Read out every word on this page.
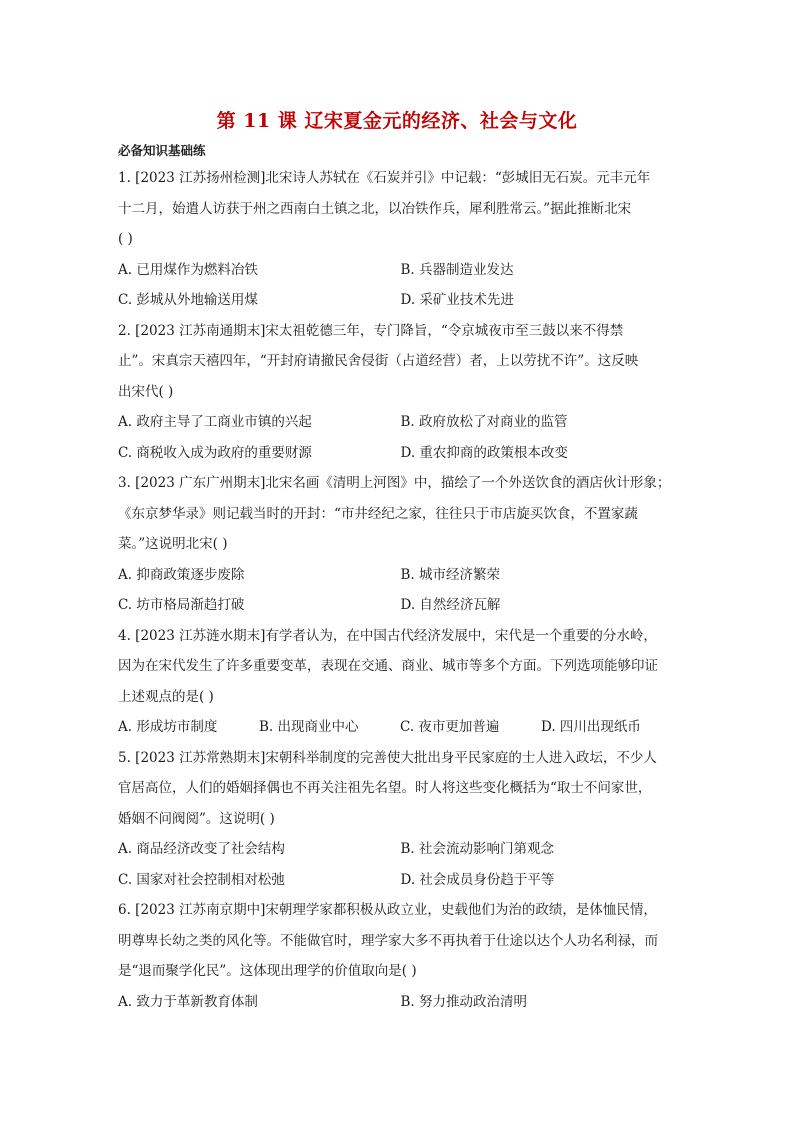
第 11 课 辽宋夏金元的经济、社会与文化
必备知识基础练
1. [2023 江苏扬州检测]北宋诗人苏轼在《石炭并引》中记载：“彭城旧无石炭。元丰元年
十二月，始遣人访获于州之西南白土镇之北，以冶铁作兵，犀利胜常云。”据此推断北宋
( )
A. 已用煤作为燃料冶铁	B. 兵器制造业发达
C. 彭城从外地输送用煤	D. 采矿业技术先进
2. [2023 江苏南通期末]宋太祖乾德三年，专门降旨，“令京城夜市至三鼓以来不得禁
止”。宋真宗天禧四年，“开封府请撤民舍侵街（占道经营）者，上以劳扰不许”。这反映
出宋代( )
A. 政府主导了工商业市镇的兴起	B. 政府放松了对商业的监管
C. 商税收入成为政府的重要财源	D. 重农抑商的政策根本改变
3. [2023 广东广州期末]北宋名画《清明上河图》中，描绘了一个外送饮食的酒店伙计形象；
《东京梦华录》则记载当时的开封：“市井经纪之家，往往只于市店旋买饮食，不置家蔬
菜。”这说明北宋( )
A. 抑商政策逐步废除	B. 城市经济繁荣
C. 坊市格局渐趋打破	D. 自然经济瓦解
4. [2023 江苏涟水期末]有学者认为，在中国古代经济发展中，宋代是一个重要的分水岭，
因为在宋代发生了许多重要变革，表现在交通、商业、城市等多个方面。下列选项能够印证
上述观点的是( )
A. 形成坊市制度	B. 出现商业中心	C. 夜市更加普遍	D. 四川出现纸币
5. [2023 江苏常熟期末]宋朝科举制度的完善使大批出身平民家庭的士人进入政坛，不少人
官居高位，人们的婚姻择偶也不再关注祖先名望。时人将这些变化概括为“取士不问家世，
婚姻不问阀阅”。这说明( )
A. 商品经济改变了社会结构	B. 社会流动影响门第观念
C. 国家对社会控制相对松弛	D. 社会成员身份趋于平等
6. [2023 江苏南京期中]宋朝理学家都积极从政立业，史载他们为治的政绩，是体恤民情，
明尊卑长幼之类的风化等。不能做官时，理学家大多不再执着于仕途以达个人功名利禄，而
是“退而聚学化民”。这体现出理学的价值取向是( )
A. 致力于革新教育体制	B. 努力推动政治清明
